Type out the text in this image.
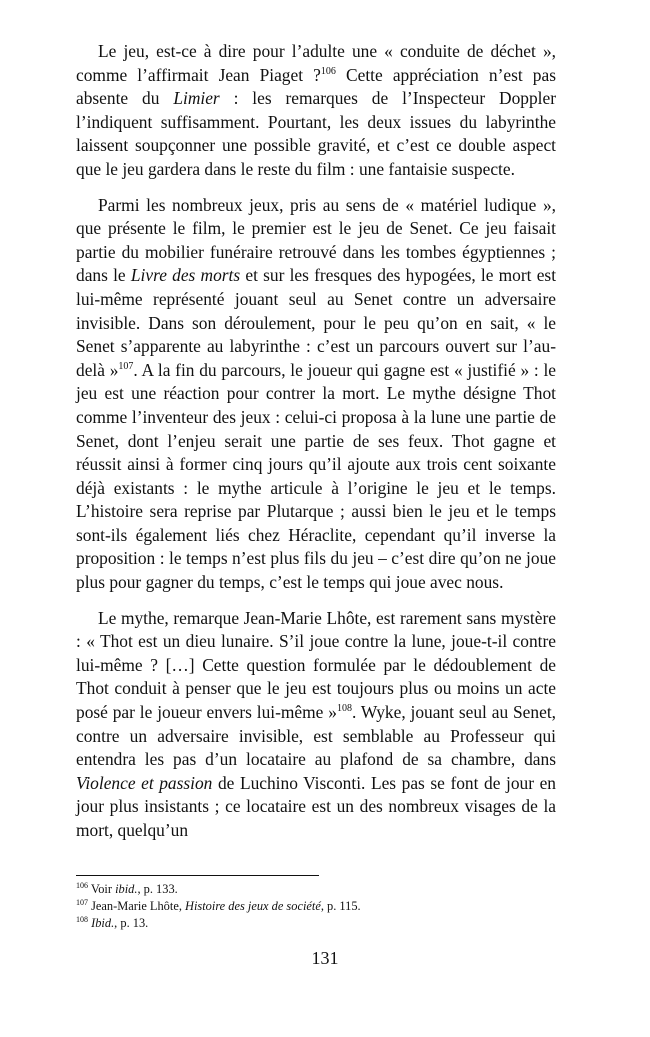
Le jeu, est-ce à dire pour l’adulte une « conduite de déchet », comme l’affirmait Jean Piaget ?$^{106}$ Cette appréciation n’est pas absente du Limier : les remarques de l’Inspecteur Doppler l’indiquent suffisamment. Pourtant, les deux issues du labyrinthe laissent soupçonner une possible gravité, et c’est ce double aspect que le jeu gardera dans le reste du film : une fantaisie suspecte.

Parmi les nombreux jeux, pris au sens de « matériel ludique », que présente le film, le premier est le jeu de Senet. Ce jeu faisait partie du mobilier funéraire retrouvé dans les tombes égyptiennes ; dans le Livre des morts et sur les fresques des hypogées, le mort est lui-même représenté jouant seul au Senet contre un adversaire invisible. Dans son déroulement, pour le peu qu’on en sait, « le Senet s’apparente au labyrinthe : c’est un parcours ouvert sur l’au-delà »$^{107}$. A la fin du parcours, le joueur qui gagne est « justifié » : le jeu est une réaction pour contrer la mort. Le mythe désigne Thot comme l’inventeur des jeux : celui-ci proposa à la lune une partie de Senet, dont l’enjeu serait une partie de ses feux. Thot gagne et réussit ainsi à former cinq jours qu’il ajoute aux trois cent soixante déjà existants : le mythe articule à l’origine le jeu et le temps. L’histoire sera reprise par Plutarque ; aussi bien le jeu et le temps sont-ils également liés chez Héraclite, cependant qu’il inverse la proposition : le temps n’est plus fils du jeu – c’est dire qu’on ne joue plus pour gagner du temps, c’est le temps qui joue avec nous.

Le mythe, remarque Jean-Marie Lhôte, est rarement sans mystère : « Thot est un dieu lunaire. S’il joue contre la lune, joue-t-il contre lui-même ? […] Cette question formulée par le dédoublement de Thot conduit à penser que le jeu est toujours plus ou moins un acte posé par le joueur envers lui-même »$^{108}$. Wyke, jouant seul au Senet, contre un adversaire invisible, est semblable au Professeur qui entendra les pas d’un locataire au plafond de sa chambre, dans Violence et passion de Luchino Visconti. Les pas se font de jour en jour plus insistants ; ce locataire est un des nombreux visages de la mort, quelqu’un

$^{106}$ Voir ibid., p. 133.

$^{107}$ Jean-Marie Lhôte, Histoire des jeux de société, p. 115.

$^{108}$ Ibid., p. 13.

131
